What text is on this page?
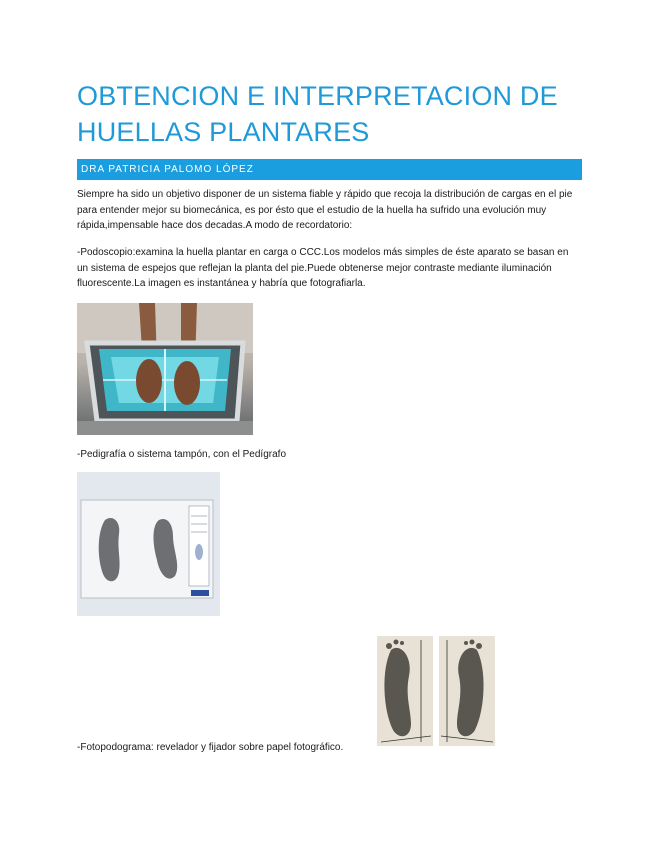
OBTENCION E INTERPRETACION DE HUELLAS PLANTARES
DRA PATRICIA PALOMO LÓPEZ

Siempre ha sido un objetivo disponer de un sistema fiable y rápido que recoja la distribución de cargas en el pie para entender mejor su biomecánica, es por ésto que el estudio de la huella ha sufrido una evolución muy rápida,impensable hace dos decadas.A modo de recordatorio:

-Podoscopio:examina la huella plantar en carga o CCC.Los modelos más simples de éste aparato se basan en un sistema de espejos que reflejan la planta del pie.Puede obtenerse mejor contraste mediante iluminación fluorescente.La imagen es instantánea y habría que fotografiarla.

-Pedigrafía o sistema tampón, con el Pedígrafo
-Fotopodograma: revelador y fijador sobre papel fotográfico.
